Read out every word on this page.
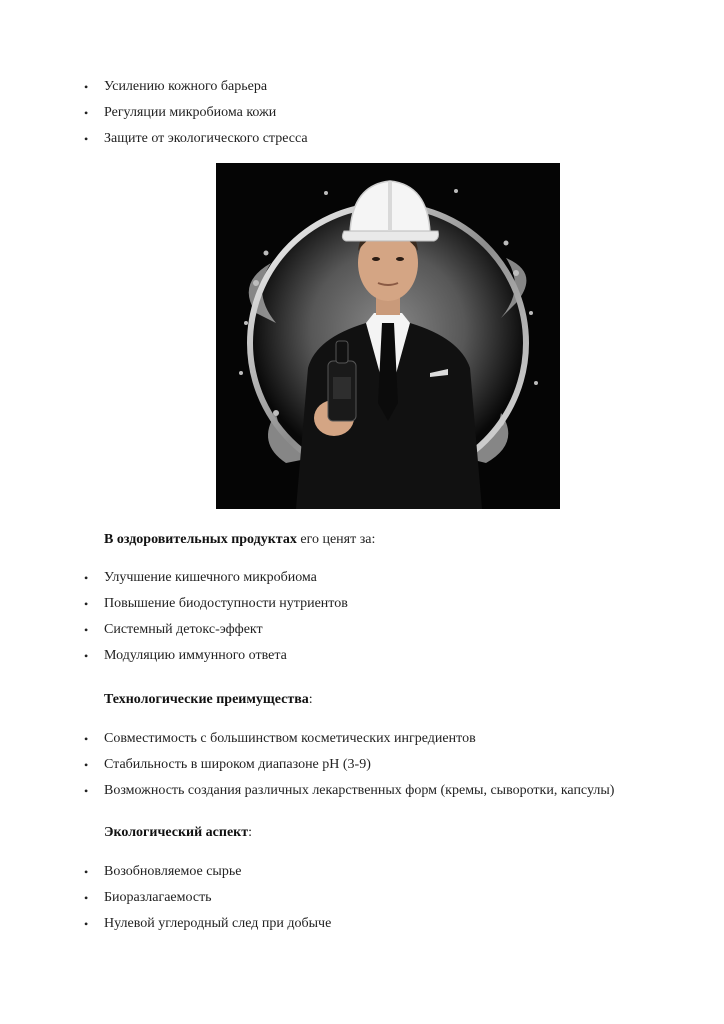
• Усилению кожного барьера
• Регуляции микробиома кожи
• Защите от экологического стресса
В оздоровительных продуктах его ценят за:
• Улучшение кишечного микробиома
• Повышение биодоступности нутриентов
• Системный детокс-эффект
• Модуляцию иммунного ответа
Технологические преимущества:
• Совместимость с большинством косметических ингредиентов
• Стабильность в широком диапазоне pH (3-9)
• Возможность создания различных лекарственных форм (кремы, сыворотки, капсулы)
Экологический аспект:
• Возобновляемое сырье
• Биоразлагаемость
• Нулевой углеродный след при добыче
